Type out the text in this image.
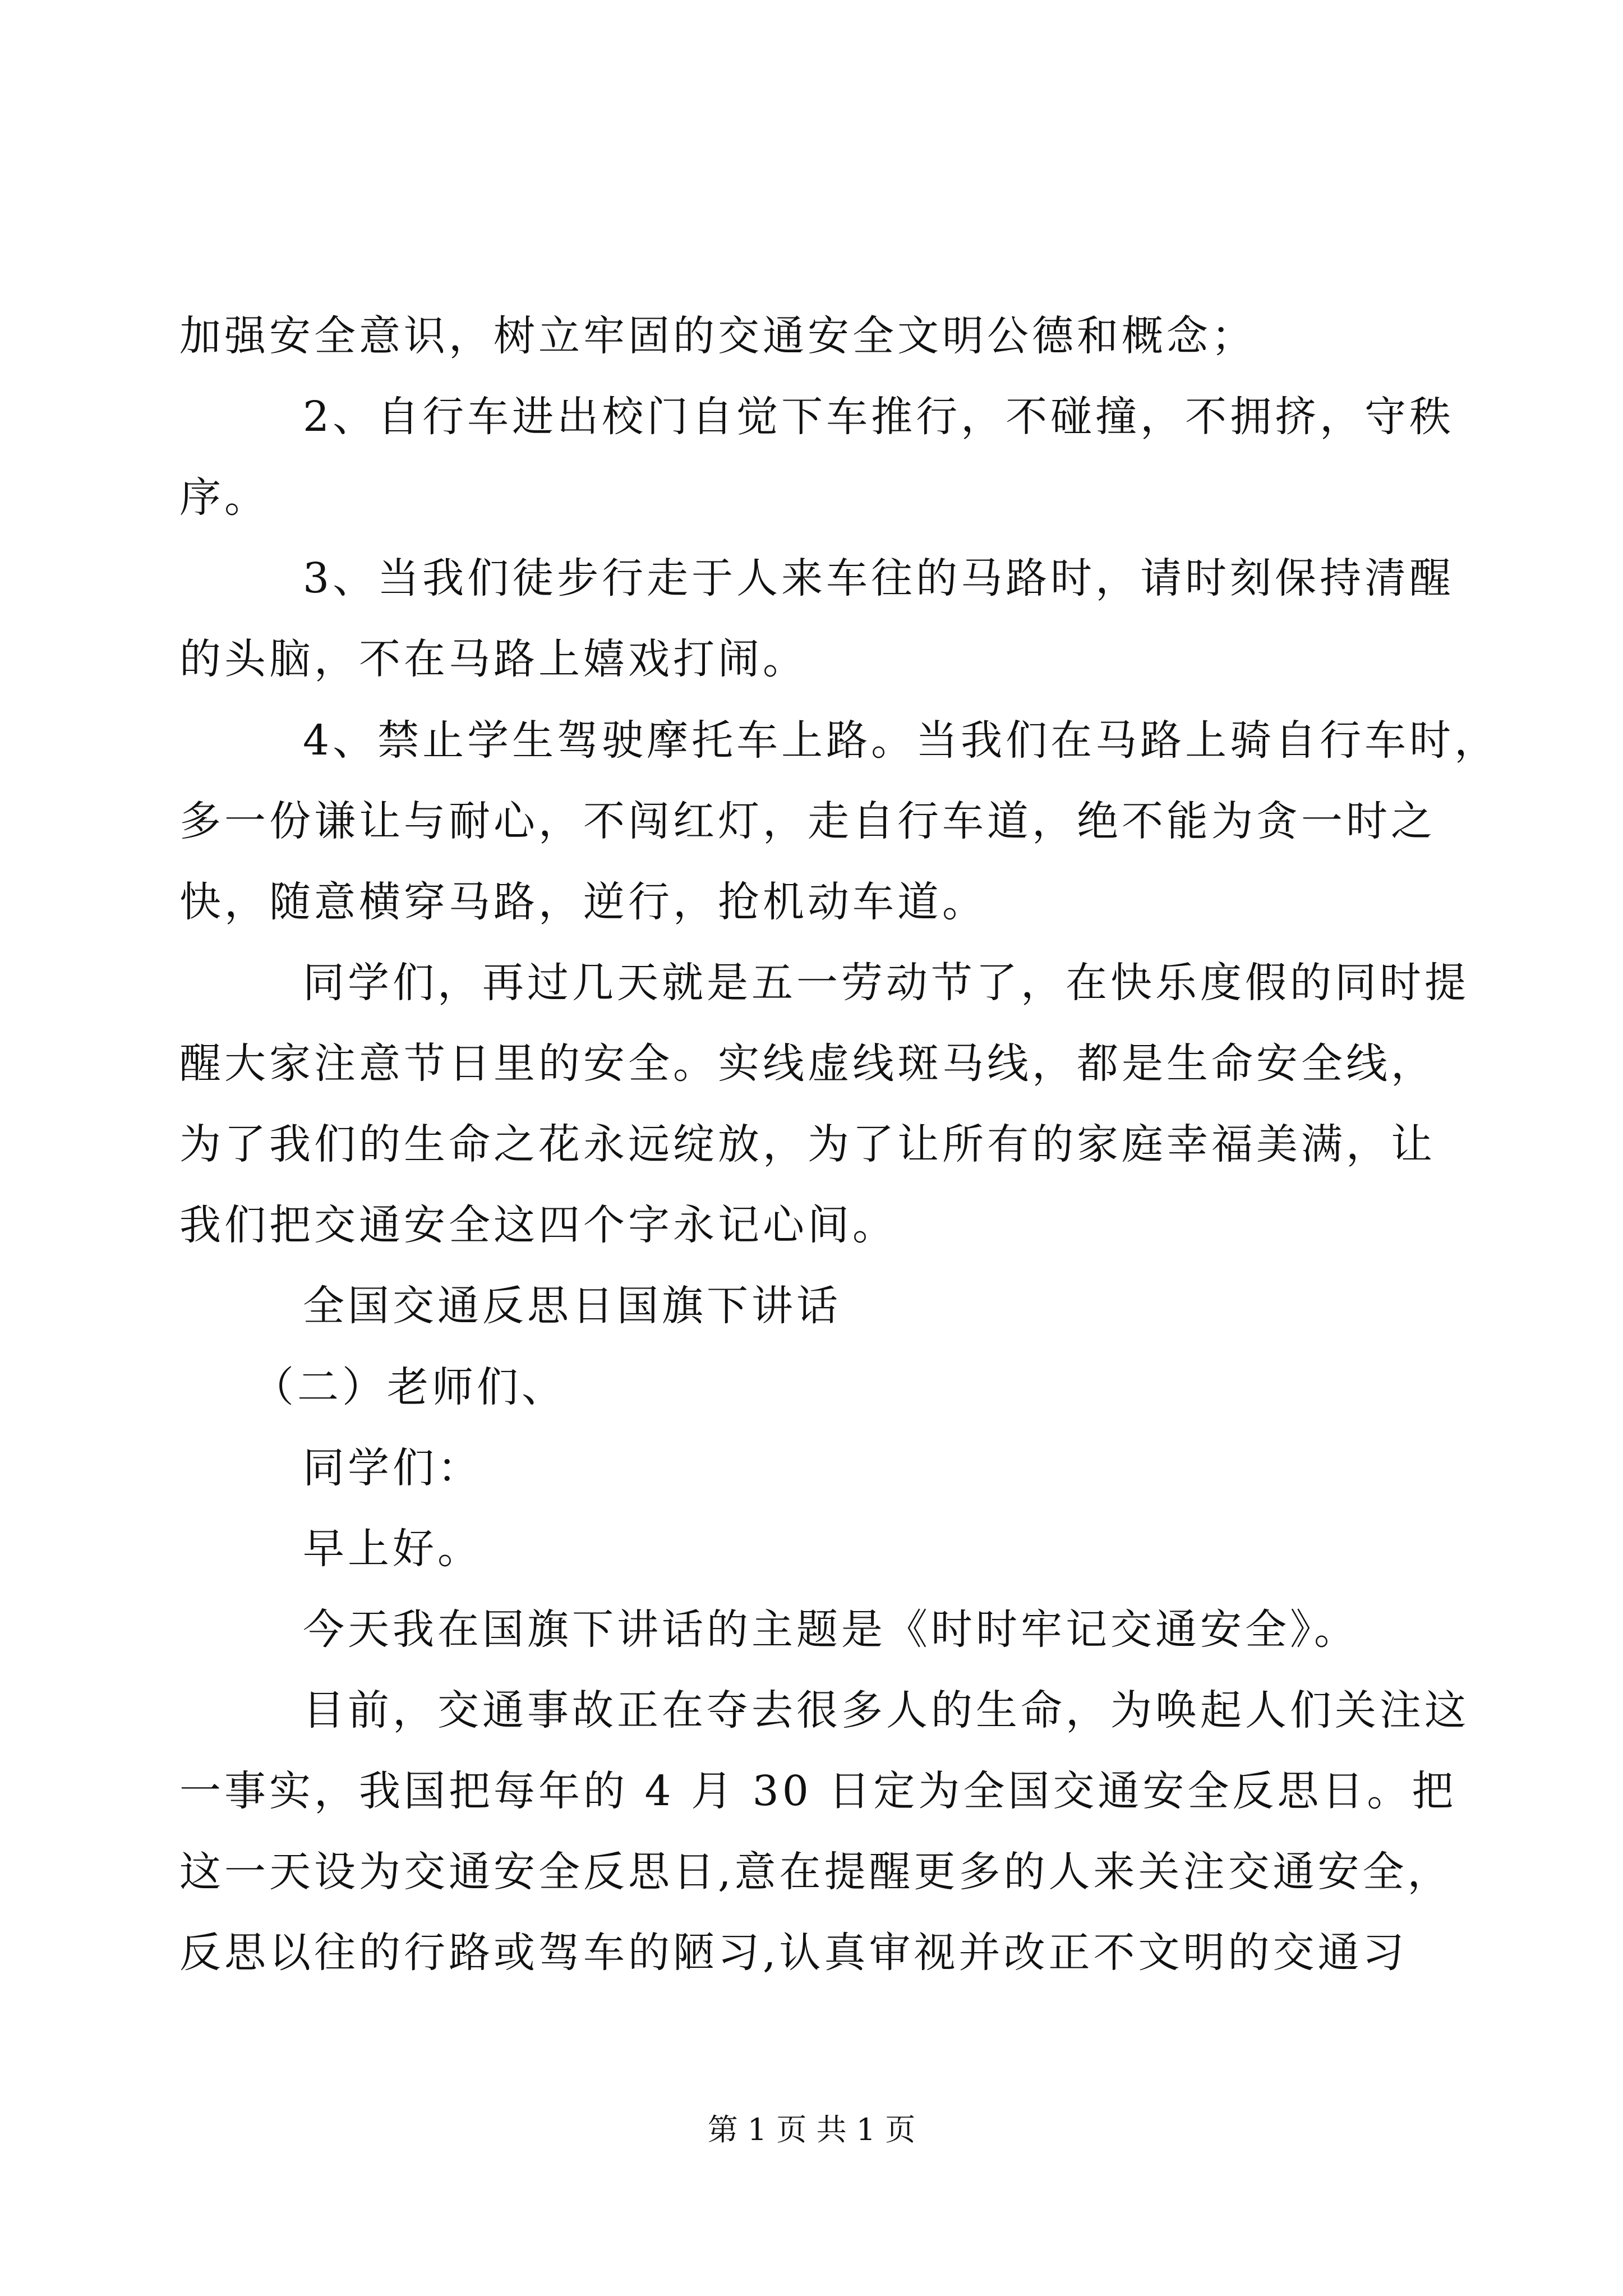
加强安全意识，树立牢固的交通安全文明公德和概念；
2、自行车进出校门自觉下车推行，不碰撞，不拥挤，守秩
序。
3、当我们徒步行走于人来车往的马路时，请时刻保持清醒
的头脑，不在马路上嬉戏打闹。
4、禁止学生驾驶摩托车上路。当我们在马路上骑自行车时，
多一份谦让与耐心，不闯红灯，走自行车道，绝不能为贪一时之
快，随意横穿马路，逆行，抢机动车道。
同学们，再过几天就是五一劳动节了，在快乐度假的同时提
醒大家注意节日里的安全。实线虚线斑马线，都是生命安全线，
为了我们的生命之花永远绽放，为了让所有的家庭幸福美满，让
我们把交通安全这四个字永记心间。
全国交通反思日国旗下讲话
（二）老师们、
同学们：
早上好。
今天我在国旗下讲话的主题是《时时牢记交通安全》。
目前，交通事故正在夺去很多人的生命，为唤起人们关注这
一事实，我国把每年的 4 月 30 日定为全国交通安全反思日。把
这一天设为交通安全反思日,意在提醒更多的人来关注交通安全，
反思以往的行路或驾车的陋习,认真审视并改正不文明的交通习
第 1 页 共 1 页
